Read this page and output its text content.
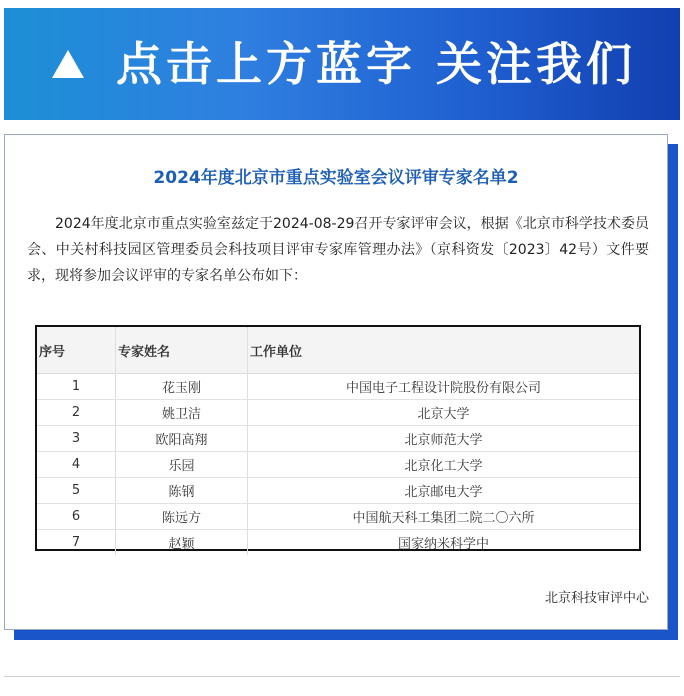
点击上方蓝字 关注我们
2024年度北京市重点实验室会议评审专家名单2
2024年度北京市重点实验室兹定于2024-08-29召开专家评审会议，根据《北京市科学技术委员会、中关村科技园区管理委员会科技项目评审专家库管理办法》（京科资发〔2023〕42号）文件要求，现将参加会议评审的专家名单公布如下：
序号	专家姓名	工作单位
1	花玉刚	中国电子工程设计院股份有限公司
2	姚卫洁	北京大学
3	欧阳高翔	北京师范大学
4	乐园	北京化工大学
5	陈钢	北京邮电大学
6	陈远方	中国航天科工集团二院二〇六所
7	赵颖	国家纳米科学中
北京科技审评中心
